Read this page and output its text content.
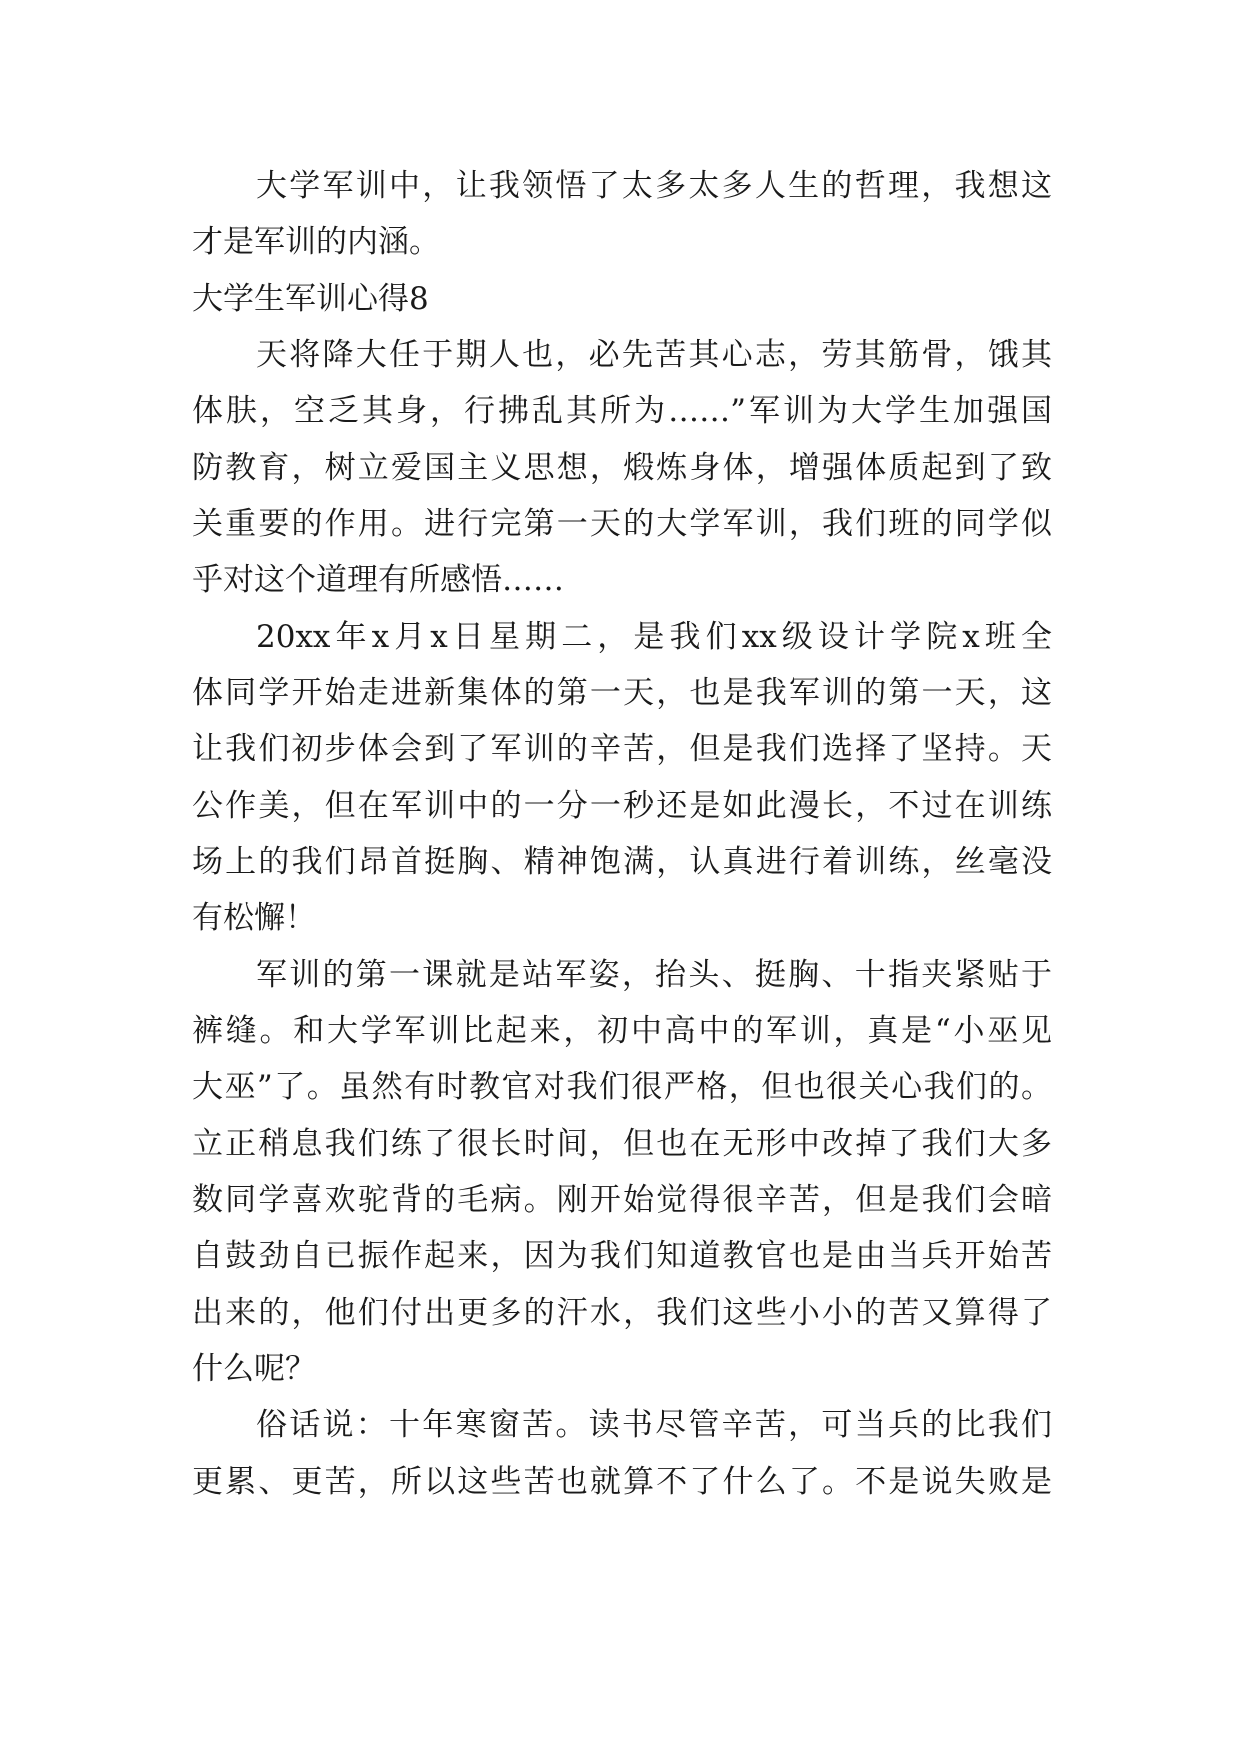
大学军训中，让我领悟了太多太多人生的哲理，我想这
才是军训的内涵。
大学生军训心得8
天将降大任于期人也，必先苦其心志，劳其筋骨，饿其
体肤，空乏其身，行拂乱其所为……”军训为大学生加强国
防教育，树立爱国主义思想，煅炼身体，增强体质起到了致
关重要的作用。进行完第一天的大学军训，我们班的同学似
乎对这个道理有所感悟……
20xx年x月x日星期二，是我们xx级设计学院x班全
体同学开始走进新集体的第一天，也是我军训的第一天，这
让我们初步体会到了军训的辛苦，但是我们选择了坚持。天
公作美，但在军训中的一分一秒还是如此漫长，不过在训练
场上的我们昂首挺胸、精神饱满，认真进行着训练，丝毫没
有松懈！
军训的第一课就是站军姿，抬头、挺胸、十指夹紧贴于
裤缝。和大学军训比起来，初中高中的军训，真是“小巫见
大巫”了。虽然有时教官对我们很严格，但也很关心我们的。
立正稍息我们练了很长时间，但也在无形中改掉了我们大多
数同学喜欢驼背的毛病。刚开始觉得很辛苦，但是我们会暗
自鼓劲自已振作起来，因为我们知道教官也是由当兵开始苦
出来的，他们付出更多的汗水，我们这些小小的苦又算得了
什么呢？
俗话说：十年寒窗苦。读书尽管辛苦，可当兵的比我们
更累、更苦，所以这些苦也就算不了什么了。不是说失败是
